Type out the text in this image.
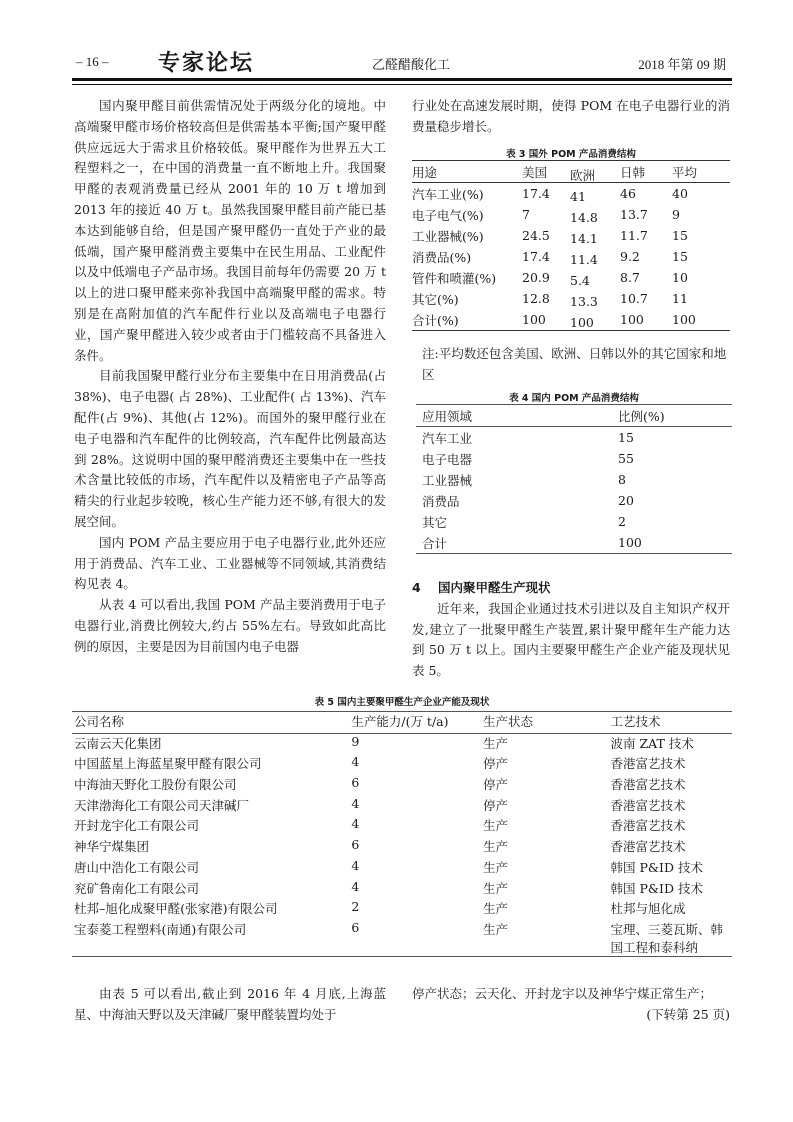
– 16 – 专家论坛	乙醛醋酸化工	2018 年第 09 期

国内聚甲醛目前供需情况处于两级分化的境地。中高端聚甲醛市场价格较高但是供需基本平衡;国产聚甲醛供应远远大于需求且价格较低。聚甲醛作为世界五大工程塑料之一，在中国的消费量一直不断地上升。我国聚甲醛的表观消费量已经从 2001 年的 10 万 t 增加到 2013 年的接近 40 万 t。虽然我国聚甲醛目前产能已基本达到能够自给，但是国产聚甲醛仍一直处于产业的最低端，国产聚甲醛消费主要集中在民生用品、工业配件以及中低端电子产品市场。我国目前每年仍需要 20 万 t 以上的进口聚甲醛来弥补我国中高端聚甲醛的需求。特别是在高附加值的汽车配件行业以及高端电子电器行业，国产聚甲醛进入较少或者由于门槛较高不具备进入条件。

目前我国聚甲醛行业分布主要集中在日用消费品(占 38%)、电子电器( 占 28%)、工业配件( 占 13%)、汽车配件(占 9%)、其他(占 12%)。而国外的聚甲醛行业在电子电器和汽车配件的比例较高，汽车配件比例最高达到 28%。这说明中国的聚甲醛消费还主要集中在一些技术含量比较低的市场，汽车配件以及精密电子产品等高精尖的行业起步较晚，核心生产能力还不够,有很大的发展空间。

国内 POM 产品主要应用于电子电器行业,此外还应用于消费品、汽车工业、工业器械等不同领域,其消费结构见表 4。

从表 4 可以看出,我国 POM 产品主要消费用于电子电器行业,消费比例较大,约占 55%左右。导致如此高比例的原因，主要是因为目前国内电子电器

行业处在高速发展时期，使得 POM 在电子电器行业的消费量稳步增长。

表 3 国外 POM 产品消费结构
用途	美国	欧洲	日韩	平均
汽车工业(%)	17.4	41	46	40
电子电气(%)	7	14.8	13.7	9
工业器械(%)	24.5	14.1	11.7	15
消费品(%)	17.4	11.4	9.2	15
管件和喷灌(%)	20.9	5.4	8.7	10
其它(%)	12.8	13.3	10.7	11
合计(%)	100	100	100	100
注:平均数还包含美国、欧洲、日韩以外的其它国家和地区
表 4 国内 POM 产品消费结构
应用领域	比例(%)
汽车工业	15
电子电器	55
工业器械	8
消费品	20
其它	2
合计	100
4 国内聚甲醛生产现状

近年来，我国企业通过技术引进以及自主知识产权开发,建立了一批聚甲醛生产装置,累计聚甲醛年生产能力达到 50 万 t 以上。国内主要聚甲醛生产企业产能及现状见表 5。

表 5 国内主要聚甲醛生产企业产能及现状
公司名称	生产能力/(万 t/a)	生产状态	工艺技术
云南云天化集团	9	生产	波南 ZAT 技术
中国蓝星上海蓝星聚甲醛有限公司	4	停产	香港富艺技术
中海油天野化工股份有限公司	6	停产	香港富艺技术
天津渤海化工有限公司天津碱厂	4	停产	香港富艺技术
开封龙宇化工有限公司	4	生产	香港富艺技术
神华宁煤集团	6	生产	香港富艺技术
唐山中浩化工有限公司	4	生产	韩国 P&ID 技术
兖矿鲁南化工有限公司	4	生产	韩国 P&ID 技术
杜邦–旭化成聚甲醛(张家港)有限公司	2	生产	杜邦与旭化成
宝泰菱工程塑料(南通)有限公司	6	生产	宝理、三菱瓦斯、韩国工程和泰科纳

由表 5 可以看出,截止到 2016 年 4 月底,上海蓝星、中海油天野以及天津碱厂聚甲醛装置均处于

停产状态；云天化、开封龙宇以及神华宁煤正常生产；
(下转第 25 页)
